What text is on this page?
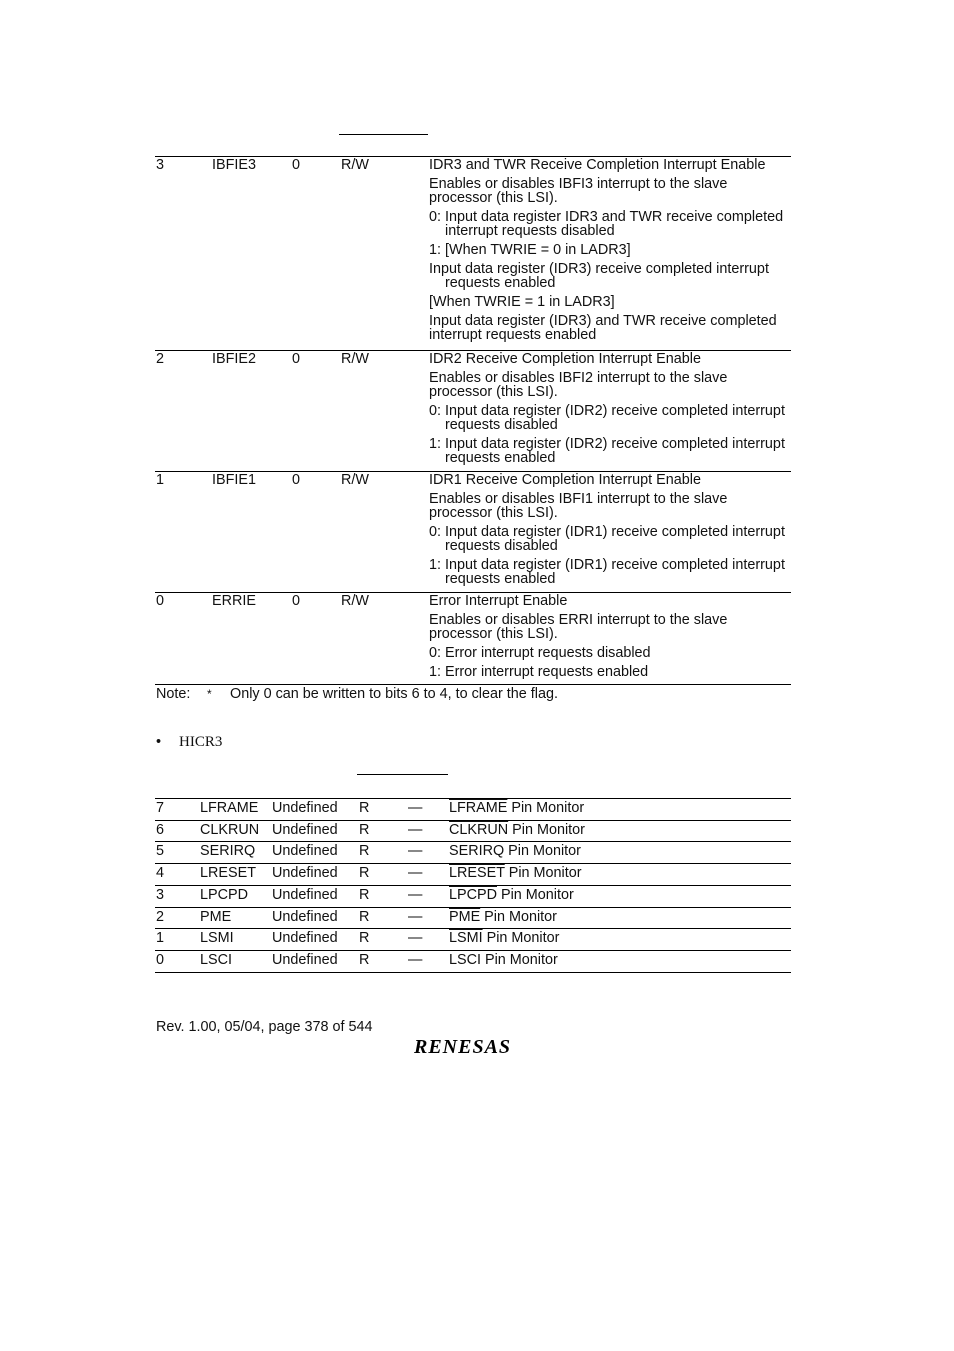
3	IBFIE3	0	R/W	IDR3 and TWR Receive Completion Interrupt Enable

Enables or disables IBFI3 interrupt to the slave

processor (this LSI).

0: Input data register IDR3 and TWR receive completed

interrupt requests disabled

1: [When TWRIE = 0 in LADR3]

Input data register (IDR3) receive completed interrupt

requests enabled

[When TWRIE = 1 in LADR3]

Input data register (IDR3) and TWR receive completed

interrupt requests enabled

2	IBFIE2	0	R/W	IDR2 Receive Completion Interrupt Enable

Enables or disables IBFI2 interrupt to the slave

processor (this LSI).

0: Input data register (IDR2) receive completed interrupt

requests disabled

1: Input data register (IDR2) receive completed interrupt

requests enabled

1	IBFIE1	0	R/W	IDR1 Receive Completion Interrupt Enable

Enables or disables IBFI1 interrupt to the slave

processor (this LSI).

0: Input data register (IDR1) receive completed interrupt

requests disabled

1: Input data register (IDR1) receive completed interrupt

requests enabled

0	ERRIE	0	R/W	Error Interrupt Enable

Enables or disables ERRI interrupt to the slave

processor (this LSI).

0: Error interrupt requests disabled

1: Error interrupt requests enabled

Note: * Only 0 can be written to bits 6 to 4, to clear the flag.
• HICR3
7 LFRAME Undefined R	— LFRAME Pin Monitor
6 CLKRUN Undefined R	— CLKRUN Pin Monitor
5 SERIRQ Undefined R	— SERIRQ Pin Monitor
4 LRESET Undefined R	— LRESET Pin Monitor
3 LPCPD Undefined R	— LPCPD Pin Monitor
2 PME	Undefined R	— $\overline{PME}$ Pin Monitor
1 LSMI	Undefined R	— LSMI Pin Monitor
0 LSCI	Undefined R	— LSCI Pin Monitor
Rev. 1.00, 05/04, page 378 of 544
RENESAS
